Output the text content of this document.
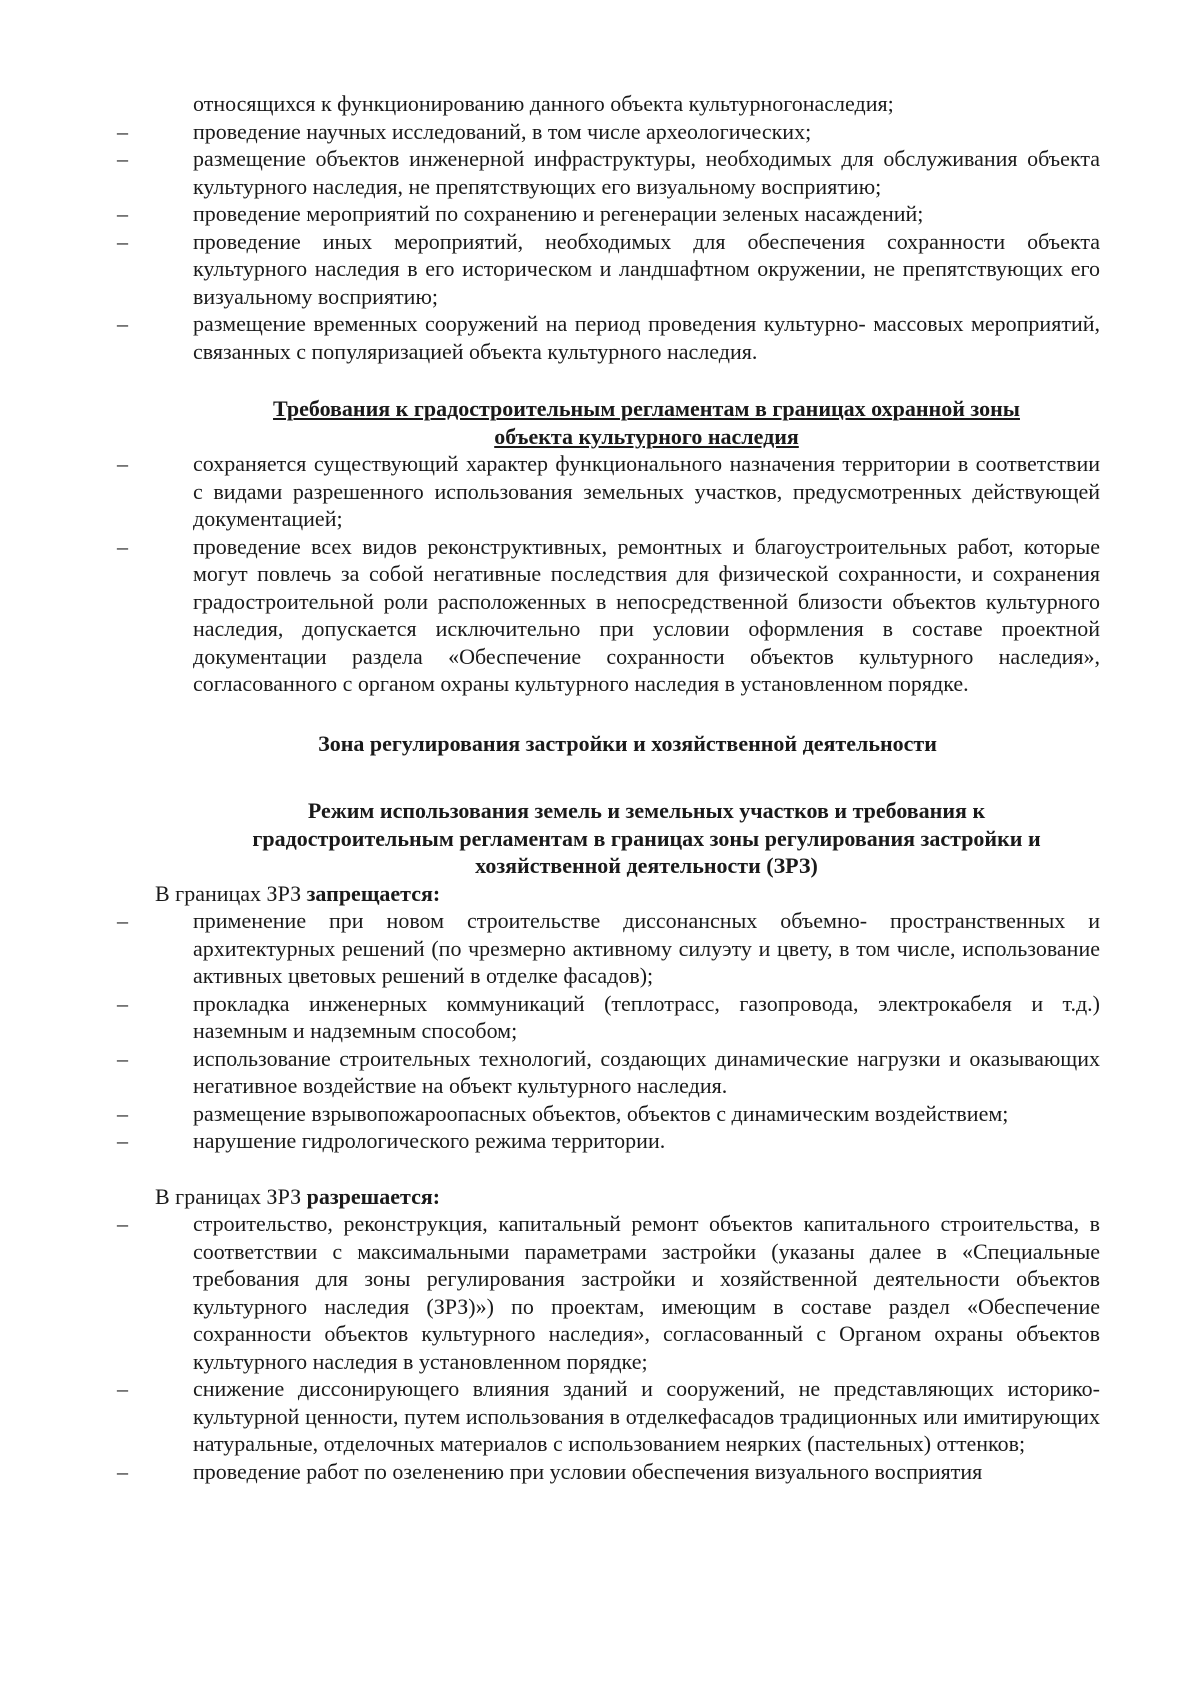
относящихся к функционированию данного объекта культурногонаследия;
–	проведение научных исследований, в том числе археологических;
–	размещение объектов инженерной инфраструктуры, необходимых для обслуживания объекта культурного наследия, не препятствующих его визуальному восприятию;
–	проведение мероприятий по сохранению и регенерации зеленых насаждений;
–	проведение иных мероприятий, необходимых для обеспечения сохранности объекта культурного наследия в его историческом и ландшафтном окружении, не препятствующих его визуальному восприятию;
–	размещение временных сооружений на период проведения культурно- массовых мероприятий, связанных с популяризацией объекта культурного наследия.
Требования к градостроительным регламентам в границах охранной зоны
объекта культурного наследия
–	сохраняется существующий характер функционального назначения территории в соответствии с видами разрешенного использования земельных участков, предусмотренных действующей документацией;
–	проведение всех видов реконструктивных, ремонтных и благоустроительных работ, которые могут повлечь за собой негативные последствия для физической сохранности, и сохранения градостроительной роли расположенных в непосредственной близости объектов культурного наследия, допускается исключительно при условии оформления в составе проектной документации раздела «Обеспечение сохранности объектов культурного наследия», согласованного с органом охраны культурного наследия в установленном порядке.
Зона регулирования застройки и хозяйственной деятельности
Режим использования земель и земельных участков и требования к
градостроительным регламентам в границах зоны регулирования застройки и
хозяйственной деятельности (ЗРЗ)

В границах ЗРЗ запрещается:

–	применение при новом строительстве диссонансных объемно- пространственных и архитектурных решений (по чрезмерно активному силуэту и цвету, в том числе, использование активных цветовых решений в отделке фасадов);
–	прокладка инженерных коммуникаций (теплотрасс, газопровода, электрокабеля и т.д.) наземным и надземным способом;
–	использование строительных технологий, создающих динамические нагрузки и оказывающих негативное воздействие на объект культурного наследия.
–	размещение взрывопожароопасных объектов, объектов с динамическим воздействием;
–	нарушение гидрологического режима территории.

В границах ЗРЗ разрешается:

–	строительство, реконструкция, капитальный ремонт объектов капитального строительства, в соответствии с максимальными параметрами застройки (указаны далее в «Специальные требования для зоны регулирования застройки и хозяйственной деятельности объектов культурного наследия (ЗРЗ)») по проектам, имеющим в составе раздел «Обеспечение сохранности объектов культурного наследия», согласованный с Органом охраны объектов культурного наследия в установленном порядке;
–	снижение диссонирующего влияния зданий и сооружений, не представляющих историко-культурной ценности, путем использования в отделкефасадов традиционных или имитирующих натуральные, отделочных материалов с использованием неярких (пастельных) оттенков;
–	проведение работ по озеленению при условии обеспечения визуального восприятия
